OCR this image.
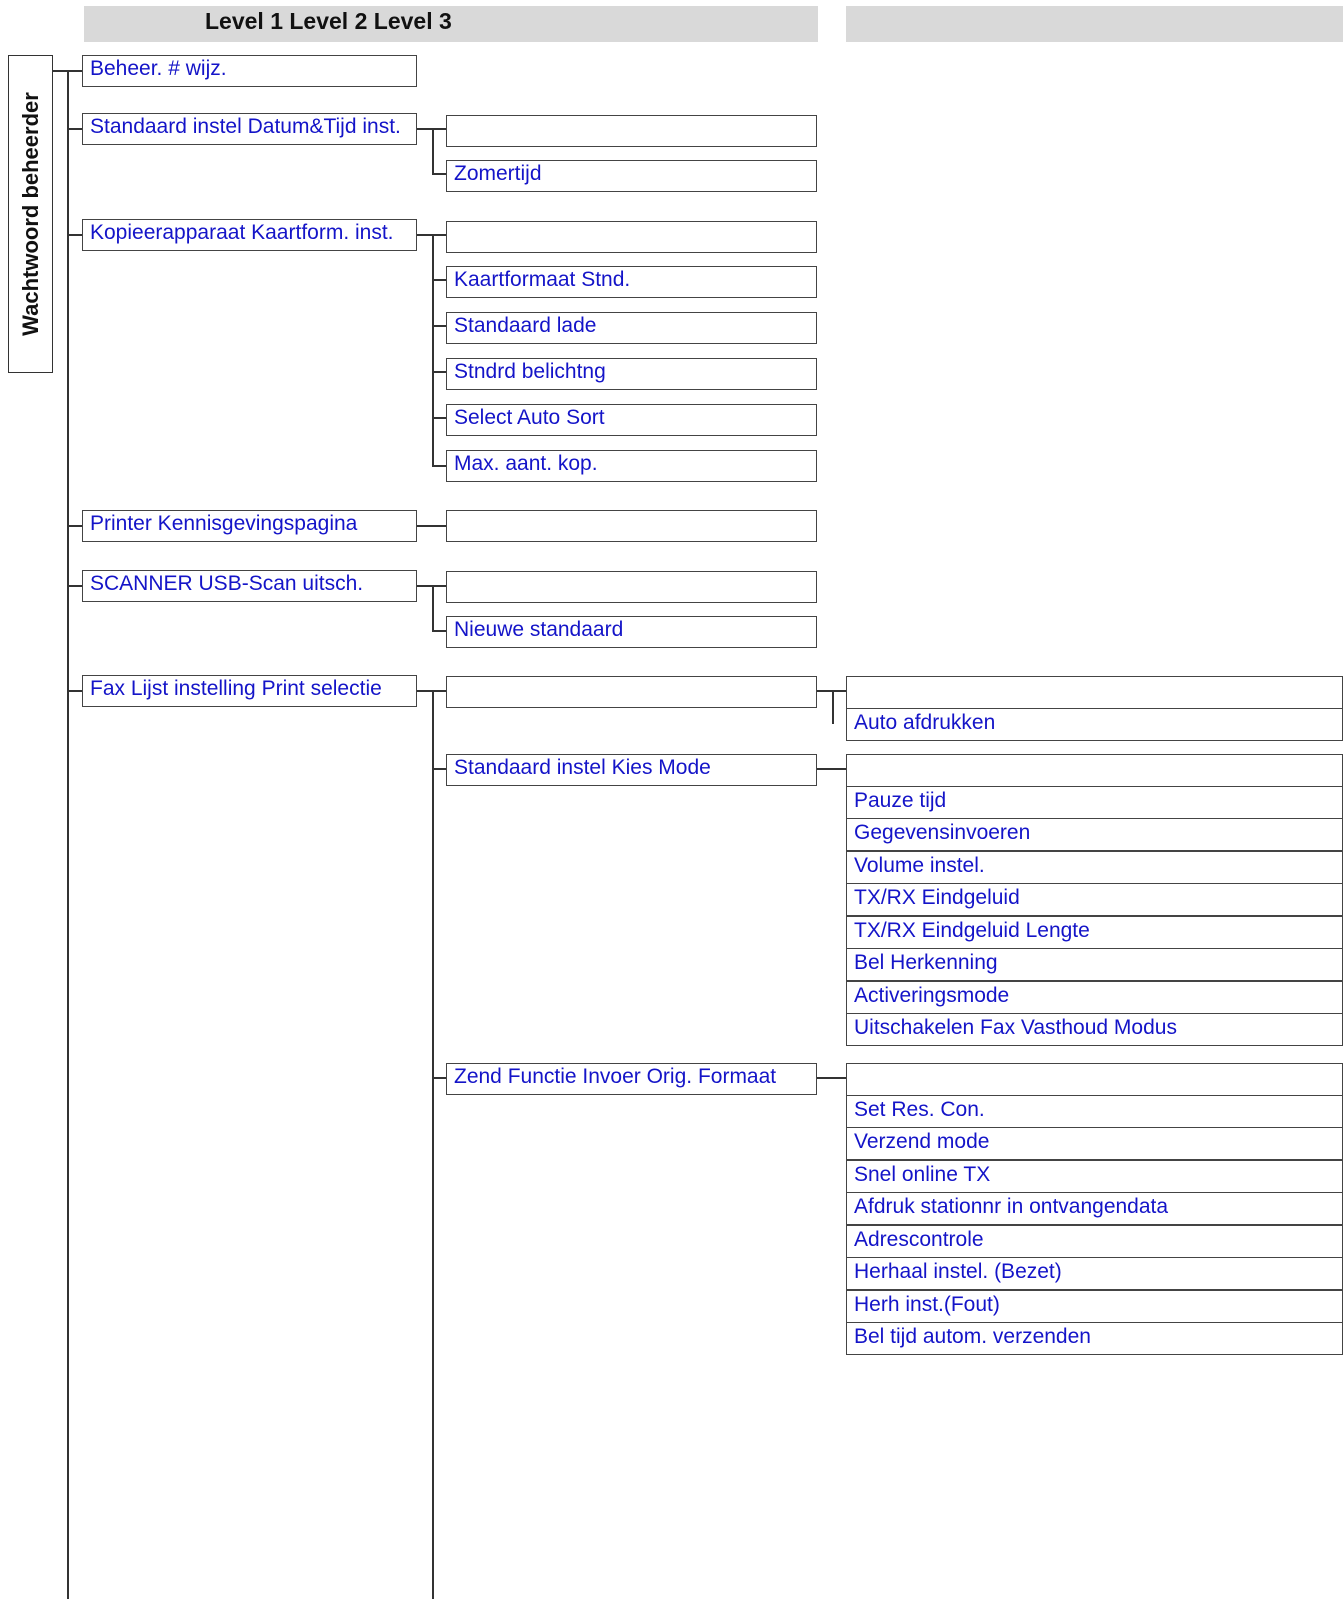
Level 1 Level 2 Level 3
Wachtwoord beheerder
Beheer. # wijz.
Standaard instel Datum&Tijd inst.
Kopieerapparaat Kaartform. inst.
Printer Kennisgevingspagina
SCANNER USB-Scan uitsch.
Fax Lijst instelling Print selectie
Zomertijd
Kaartformaat Stnd.
Standaard lade
Stndrd belichtng
Select Auto Sort
Max. aant. kop.
Nieuwe standaard
Standaard instel Kies Mode
Zend Functie Invoer Orig. Formaat
Auto afdrukken
Pauze tijd
Gegevensinvoeren
Volume instel.
TX/RX Eindgeluid
TX/RX Eindgeluid Lengte
Bel Herkenning
Activeringsmode
Uitschakelen Fax Vasthoud Modus
Set Res. Con.
Verzend mode
Snel online TX
Afdruk stationnr in ontvangendata
Adrescontrole
Herhaal instel. (Bezet)
Herh inst.(Fout)
Bel tijd autom. verzenden
